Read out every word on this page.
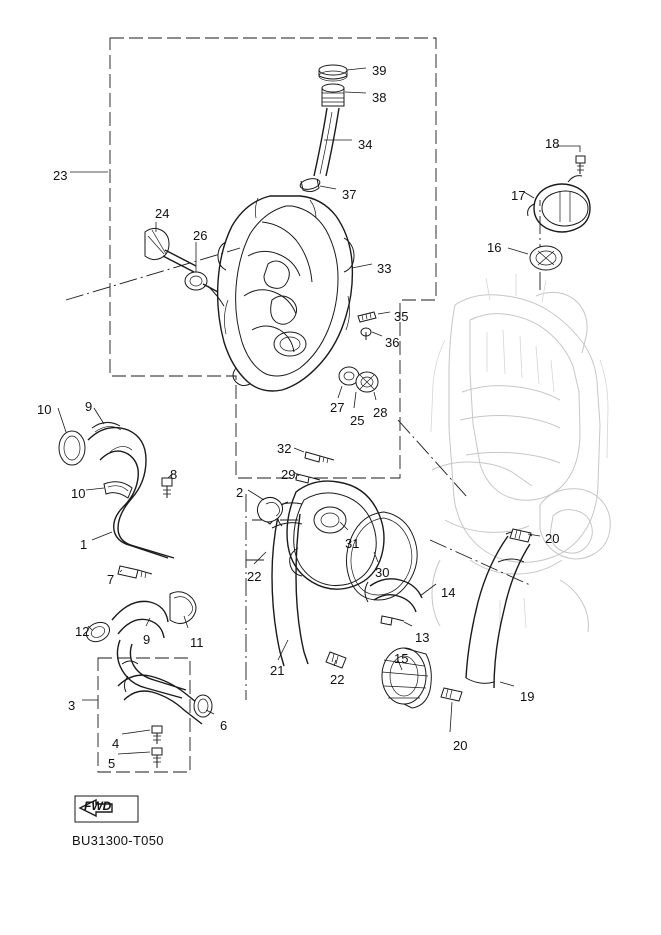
FWD
BU31300-T050
39
38
34	18
37
23
17
24
26
16
33
35
36
27
25
28
10	9
32
29
10
8
2
20
1	31
30
22
7
14
12
9	11	13
15
21
22
19
3
6
4	20
5
